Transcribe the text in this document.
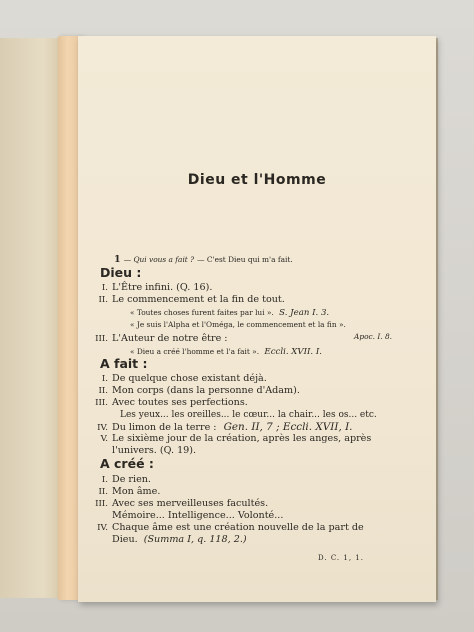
Dieu et l'Homme
1 — Qui vous a fait ? — C'est Dieu qui m'a fait.
Dieu :
I. L'Être infini. (Q. 16).
II. Le commencement et la fin de tout.
« Toutes choses furent faites par lui ». S. Jean I. 3.
« Je suis l'Alpha et l'Oméga, le commencement et la fin ».
Apoc. I. 8.
III. L'Auteur de notre être :
« Dieu a créé l'homme et l'a fait ». Eccli. XVII. I.
A fait :
I. De quelque chose existant déjà.
II. Mon corps (dans la personne d'Adam).
III. Avec toutes ses perfections.
Les yeux... les oreilles... le cœur... la chair... les os... etc.
IV. Du limon de la terre : Gen. II, 7 ; Eccli. XVII, I.
V. Le sixième jour de la création, après les anges, après
l'univers. (Q. 19).
A créé :
I. De rien.
II. Mon âme.
III. Avec ses merveilleuses facultés.
Mémoire... Intelligence... Volonté...
IV. Chaque âme est une création nouvelle de la part de
Dieu. (Summa I, q. 118, 2.)
D. C. 1, 1.
